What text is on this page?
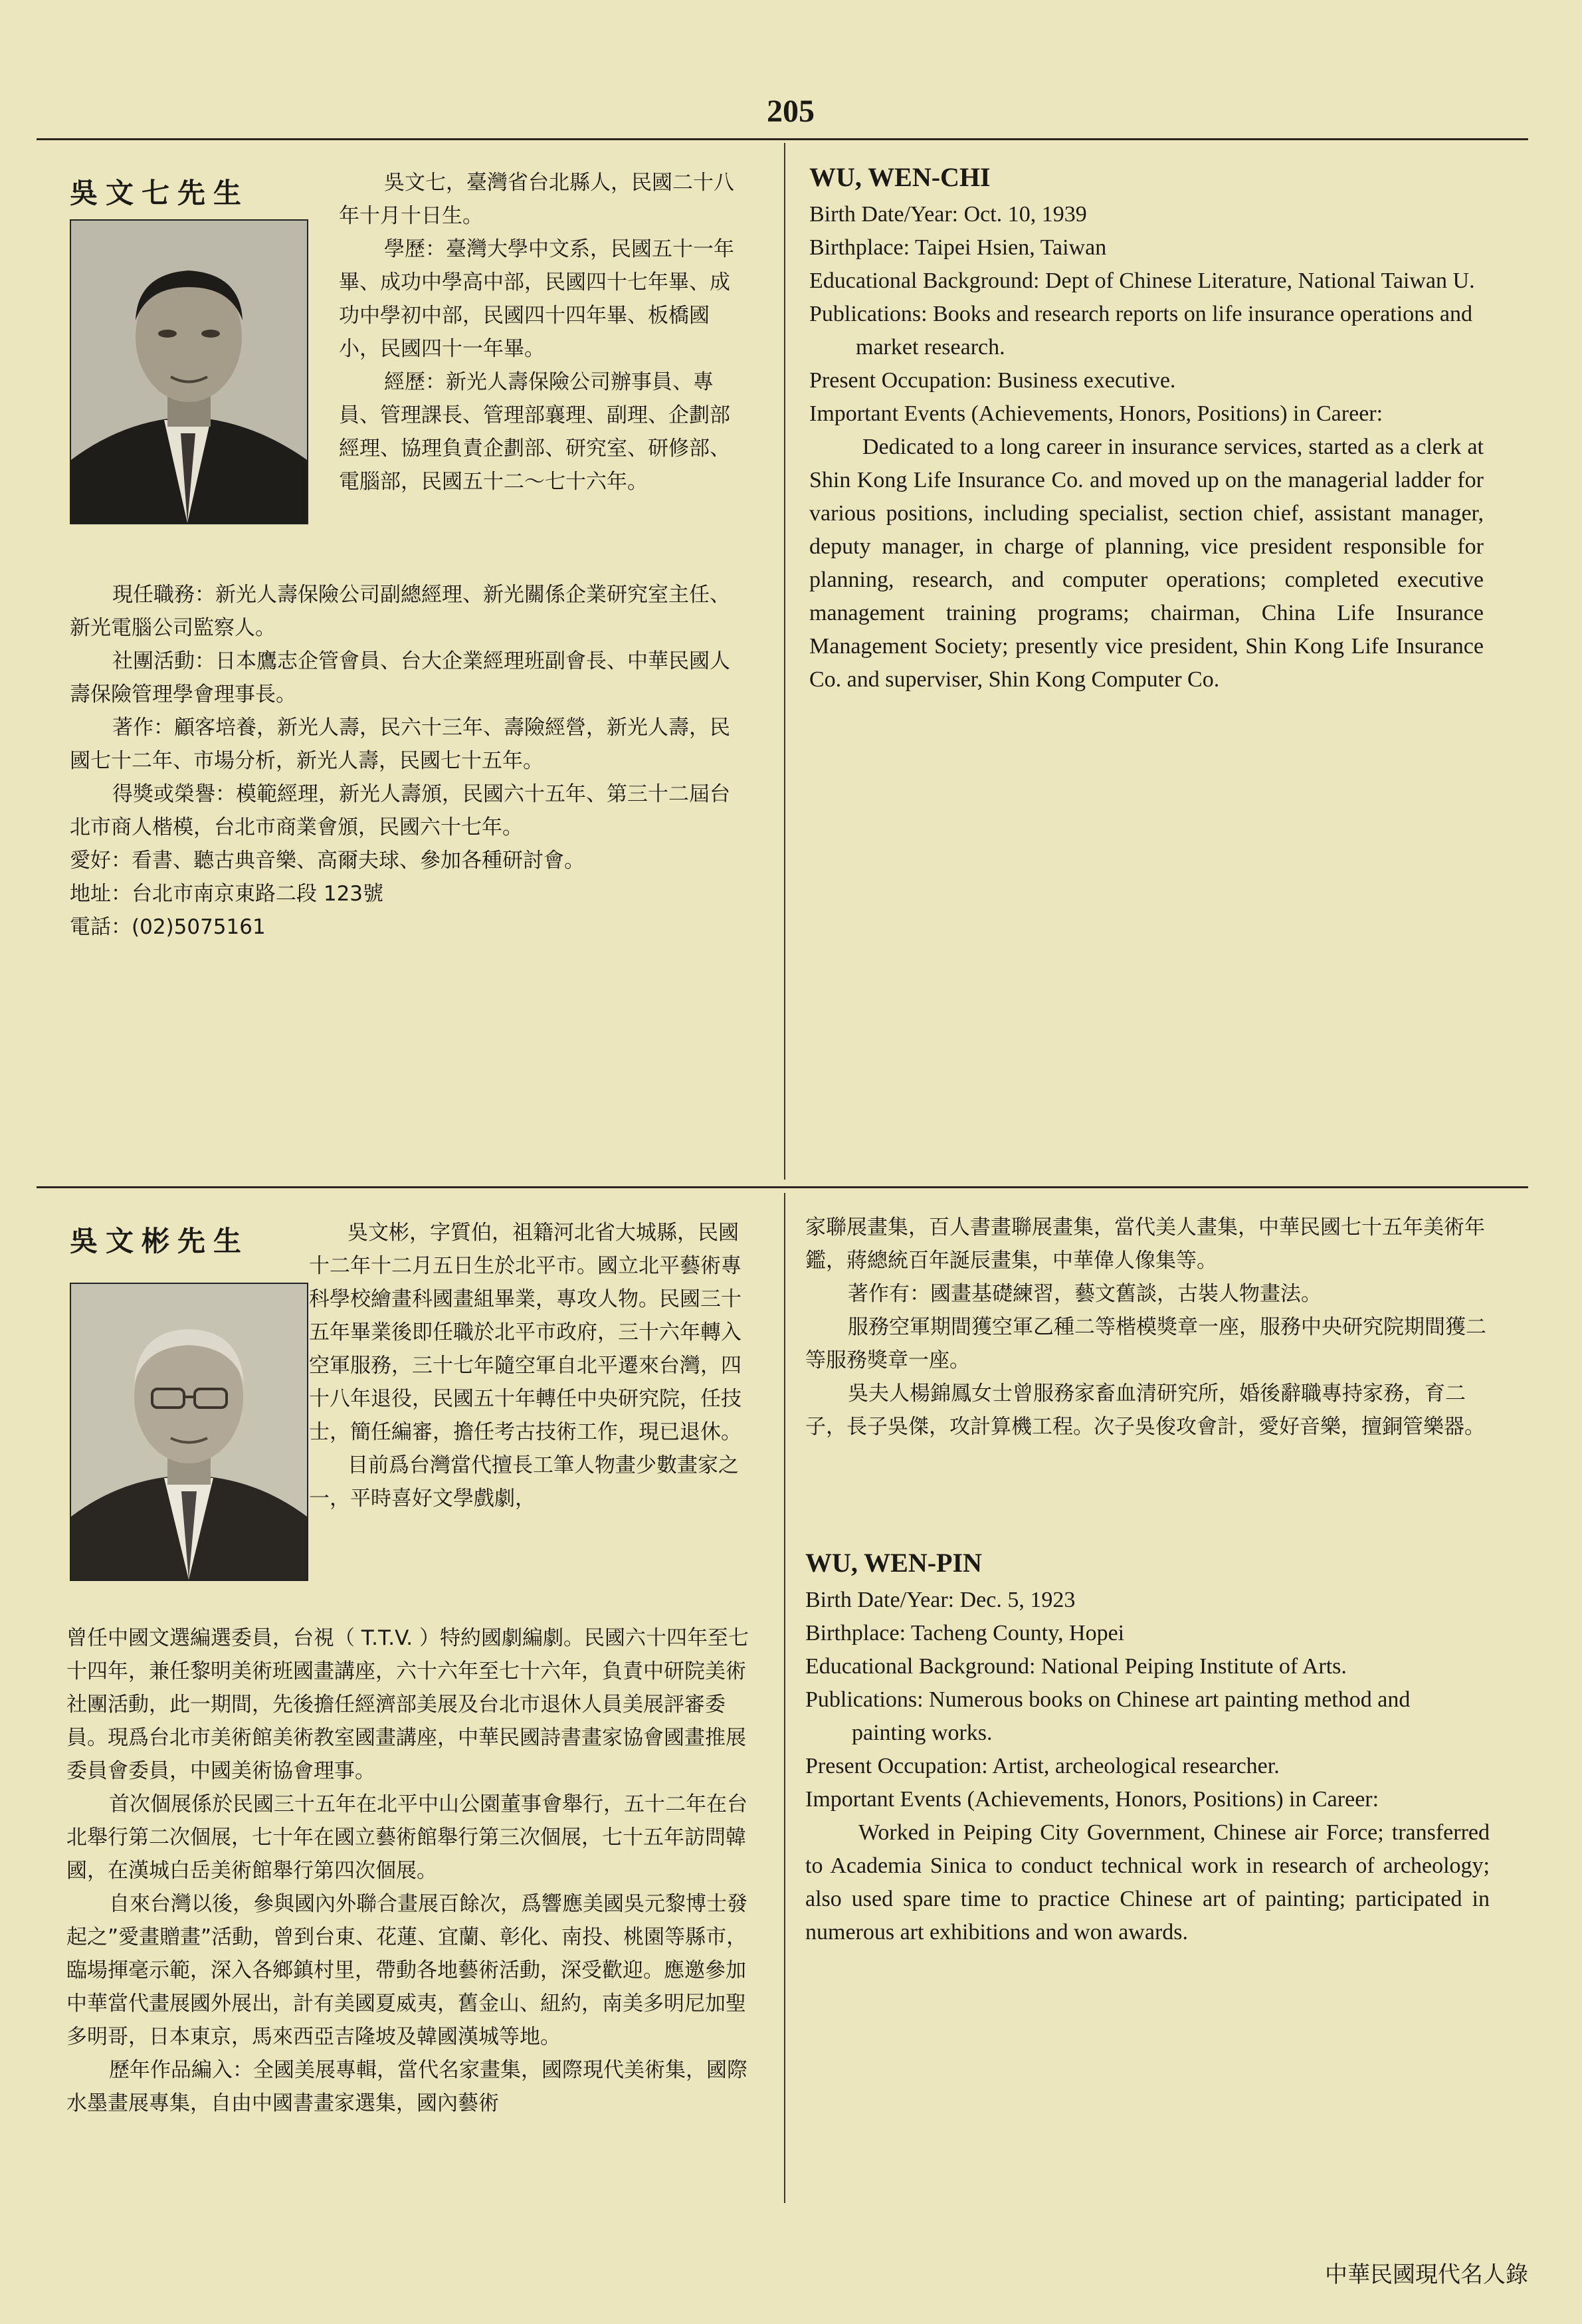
205
吳文七先生	吳文七，臺灣省台北縣人，民國二十八年十月十日生。

學歷：臺灣大學中文系，民國五十一年畢、成功中學高中部，民國四十七年畢、成功中學初中部，民國四十四年畢、板橋國小，民國四十一年畢。

經歷：新光人壽保險公司辦事員、專員、管理課長、管理部襄理、副理、企劃部經理、協理負責企劃部、研究室、研修部、電腦部，民國五十二～七十六年。

現任職務：新光人壽保險公司副總經理、新光關係企業研究室主任、新光電腦公司監察人。

社團活動：日本鷹志企管會員、台大企業經理班副會長、中華民國人壽保險管理學會理事長。

著作：顧客培養，新光人壽，民六十三年、壽險經營，新光人壽，民國七十二年、市場分析，新光人壽，民國七十五年。

得獎或榮譽：模範經理，新光人壽頒，民國六十五年、第三十二屆台北市商人楷模，台北市商業會頒，民國六十七年。

愛好：看書、聽古典音樂、高爾夫球、參加各種研討會。

地址：台北市南京東路二段 123號

電話：(02)5075161

WU, WEN-CHI

Birth Date/Year: Oct. 10, 1939

Birthplace: Taipei Hsien, Taiwan

Educational Background: Dept of Chinese Literature, National Taiwan U.

Publications: Books and research reports on life insurance operations and market research.

Present Occupation: Business executive.

Important Events (Achievements, Honors, Positions) in Career:

Dedicated to a long career in insurance services, started as a clerk at Shin Kong Life Insurance Co. and moved up on the managerial ladder for various positions, including specialist, section chief, assistant manager, deputy manager, in charge of planning, vice president responsible for planning, research, and computer operations; completed executive management training programs; chairman, China Life Insurance Management Society; presently vice president, Shin Kong Life Insurance Co. and superviser, Shin Kong Computer Co.

吳文彬先生	吳文彬，字質伯，祖籍河北省大城縣，民國十二年十二月五日生於北平市。國立北平藝術專科學校繪畫科國畫組畢業，專攻人物。民國三十五年畢業後即任職於北平市政府，三十六年轉入空軍服務，三十七年隨空軍自北平遷來台灣，四十八年退役，民國五十年轉任中央研究院，任技士，簡任編審，擔任考古技術工作，現已退休。

目前爲台灣當代擅長工筆人物畫少數畫家之一，平時喜好文學戲劇，

曾任中國文選編選委員，台視（ T.T.V. ）特約國劇編劇。民國六十四年至七十四年，兼任黎明美術班國畫講座，六十六年至七十六年，負責中研院美術社團活動，此一期間，先後擔任經濟部美展及台北市退休人員美展評審委員。現爲台北市美術館美術教室國畫講座，中華民國詩書畫家協會國畫推展委員會委員，中國美術協會理事。

首次個展係於民國三十五年在北平中山公園董事會舉行，五十二年在台北舉行第二次個展，七十年在國立藝術館舉行第三次個展，七十五年訪問韓國，在漢城白岳美術館舉行第四次個展。

自來台灣以後，參與國內外聯合畫展百餘次，爲響應美國吳元黎博士發起之”愛畫贈畫”活動，曾到台東、花蓮、宜蘭、彰化、南投、桃園等縣市，臨場揮毫示範，深入各鄉鎮村里，帶動各地藝術活動，深受歡迎。應邀參加中華當代畫展國外展出，計有美國夏威夷，舊金山、紐約，南美多明尼加聖多明哥，日本東京，馬來西亞吉隆坡及韓國漢城等地。

歷年作品編入：全國美展專輯，當代名家畫集，國際現代美術集，國際水墨畫展專集，自由中國書畫家選集，國內藝術

家聯展畫集，百人書畫聯展畫集，當代美人畫集，中華民國七十五年美術年鑑，蔣總統百年誕辰畫集，中華偉人像集等。

著作有：國畫基礎練習，藝文舊談，古裝人物畫法。

服務空軍期間獲空軍乙種二等楷模獎章一座，服務中央研究院期間獲二等服務獎章一座。

吳夫人楊錦鳳女士曾服務家畜血清研究所，婚後辭職專持家務，育二子，長子吳傑，攻計算機工程。次子吳俊攻會計，愛好音樂，擅銅管樂器。

WU, WEN-PIN

Birth Date/Year: Dec. 5, 1923

Birthplace: Tacheng County, Hopei

Educational Background: National Peiping Institute of Arts.

Publications: Numerous books on Chinese art painting method and painting works.

Present Occupation: Artist, archeological researcher.

Important Events (Achievements, Honors, Positions) in Career:

Worked in Peiping City Government, Chinese air Force; transferred to Academia Sinica to conduct technical work in research of archeology; also used spare time to practice Chinese art of painting; participated in numerous art exhibitions and won awards.

中華民國現代名人錄
